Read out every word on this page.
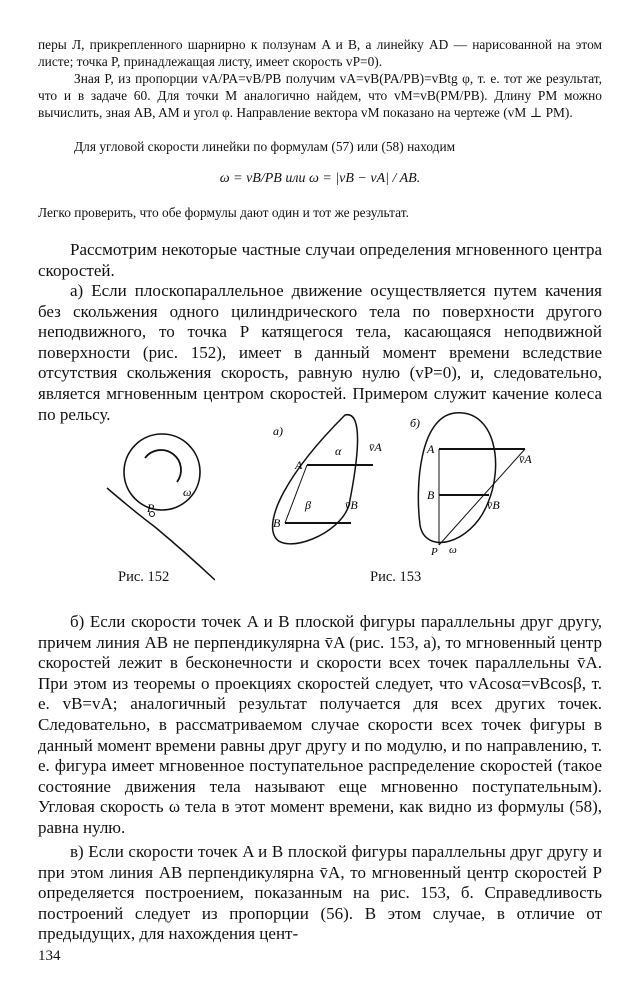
перы Л, прикрепленного шарнирно к ползунам A и B, а линейку AD — нарисованной на этом листе; точка P, принадлежащая листу, имеет скорость vP=0).

Зная P, из пропорции vA/PA=vB/PB получим vA=vB(PA/PB)=vBtg φ, т. е. тот же результат, что и в задаче 60. Для точки M аналогично найдем, что vM=vB(PM/PB). Длину PM можно вычислить, зная AB, AM и угол φ. Направление вектора vM показано на чертеже (vM ⊥ PM).

Для угловой скорости линейки по формулам (57) или (58) находим

ω = vB/PB или ω = |vB − vA| / AB.

Легко проверить, что обе формулы дают один и тот же результат.

Рассмотрим некоторые частные случаи определения мгновенного центра скоростей.

а) Если плоскопараллельное движение осуществляется путем качения без скольжения одного цилиндрического тела по поверхности другого неподвижного, то точка P катящегося тела, касающаяся неподвижной поверхности (рис. 152), имеет в данный момент времени вследствие отсутствия скольжения скорость, равную нулю (vP=0), и, следовательно, является мгновенным центром скоростей. Примером служит качение колеса по рельсу.

P
ω
а)
A
B
v̄A
v̄B
α
β
б)
A
B
P
v̄A
v̄B
ω
Рис. 152	Рис. 153

б) Если скорости точек A и B плоской фигуры параллельны друг другу, причем линия AB не перпендикулярна v̄A (рис. 153, а), то мгновенный центр скоростей лежит в бесконечности и скорости всех точек параллельны v̄A. При этом из теоремы о проекциях скоростей следует, что vAcosα=vBcosβ, т. е. vB=vA; аналогичный результат получается для всех других точек. Следовательно, в рассматриваемом случае скорости всех точек фигуры в данный момент времени равны друг другу и по модулю, и по направлению, т. е. фигура имеет мгновенное поступательное распределение скоростей (такое состояние движения тела называют еще мгновенно поступательным). Угловая скорость ω тела в этот момент времени, как видно из формулы (58), равна нулю.

в) Если скорости точек A и B плоской фигуры параллельны друг другу и при этом линия AB перпендикулярна v̄A, то мгновенный центр скоростей P определяется построением, показанным на рис. 153, б. Справедливость построений следует из пропорции (56). В этом случае, в отличие от предыдущих, для нахождения цент-

134
